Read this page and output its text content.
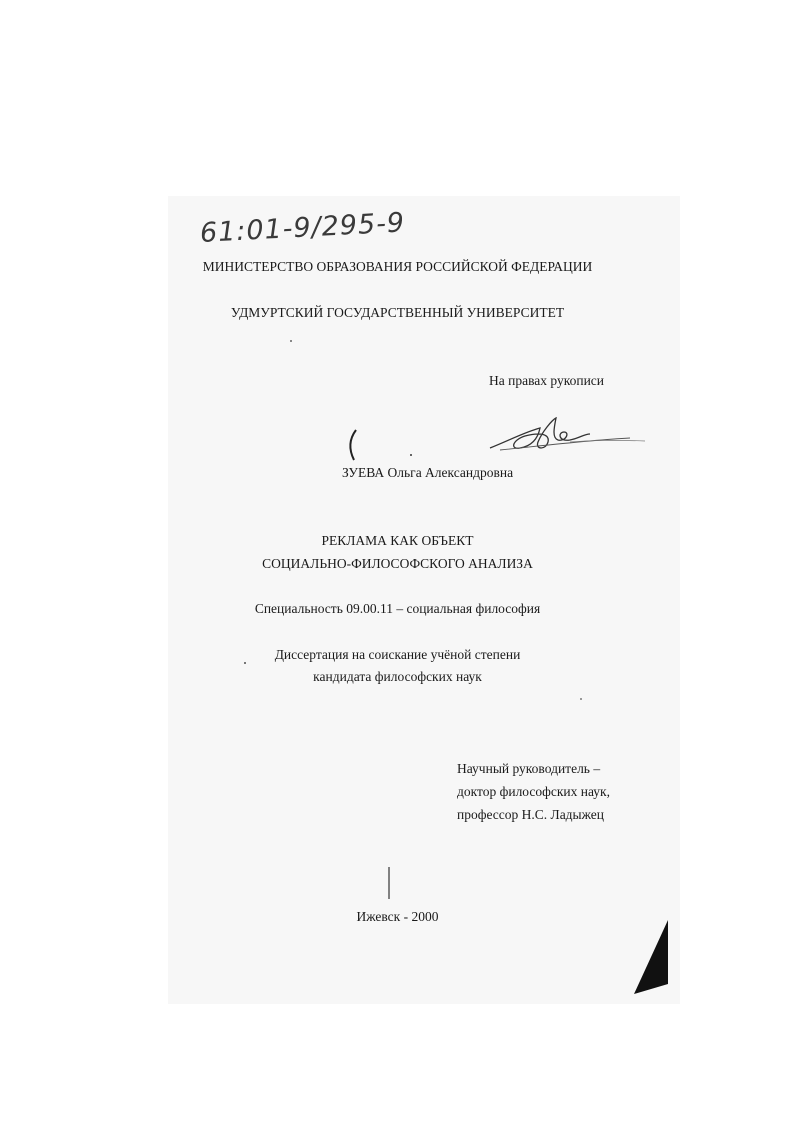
61:01-9/295-9
МИНИСТЕРСТВО ОБРАЗОВАНИЯ РОССИЙСКОЙ ФЕДЕРАЦИИ
УДМУРТСКИЙ ГОСУДАРСТВЕННЫЙ УНИВЕРСИТЕТ
На правах рукописи
ЗУЕВА Ольга Александровна
РЕКЛАМА КАК ОБЪЕКТ
СОЦИАЛЬНО-ФИЛОСОФСКОГО АНАЛИЗА
Специальность 09.00.11 – социальная философия
Диссертация на соискание учёной степени
кандидата философских наук
Научный руководитель –
доктор философских наук,
профессор Н.С. Ладыжец
Ижевск - 2000
